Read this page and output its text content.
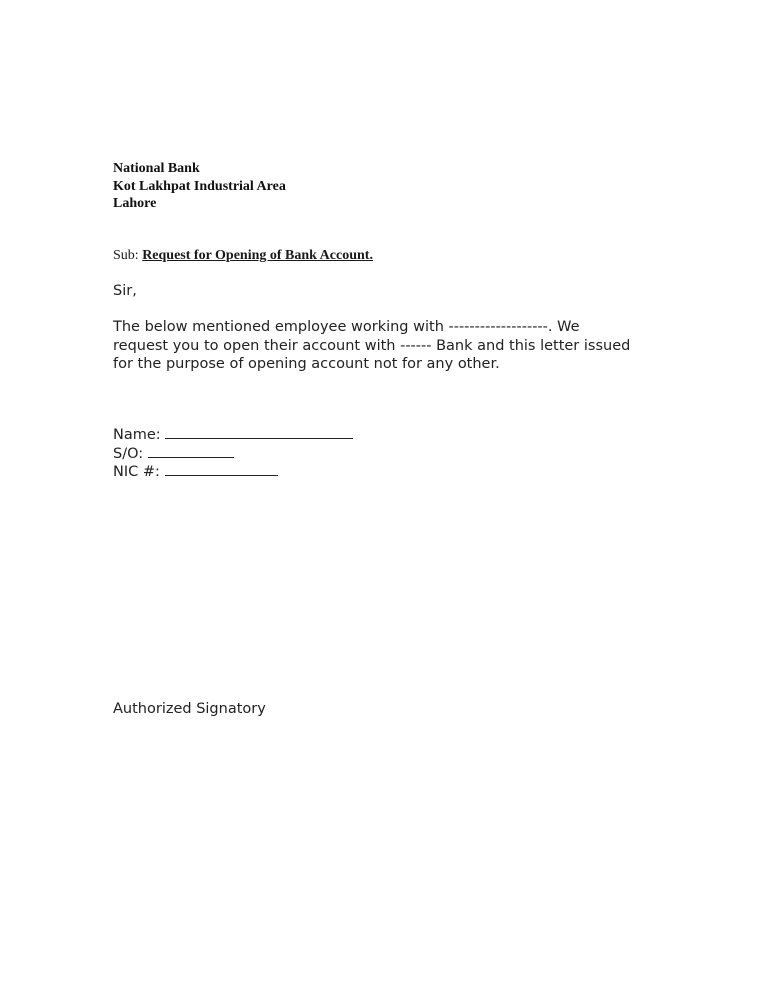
National Bank
Kot Lakhpat Industrial Area
Lahore
Sub: Request for Opening of Bank Account.
Sir,
The below mentioned employee working with -------------------. We
request you to open their account with ------ Bank and this letter issued
for the purpose of opening account not for any other.
Name:
S/O:
NIC #:
Authorized Signatory
